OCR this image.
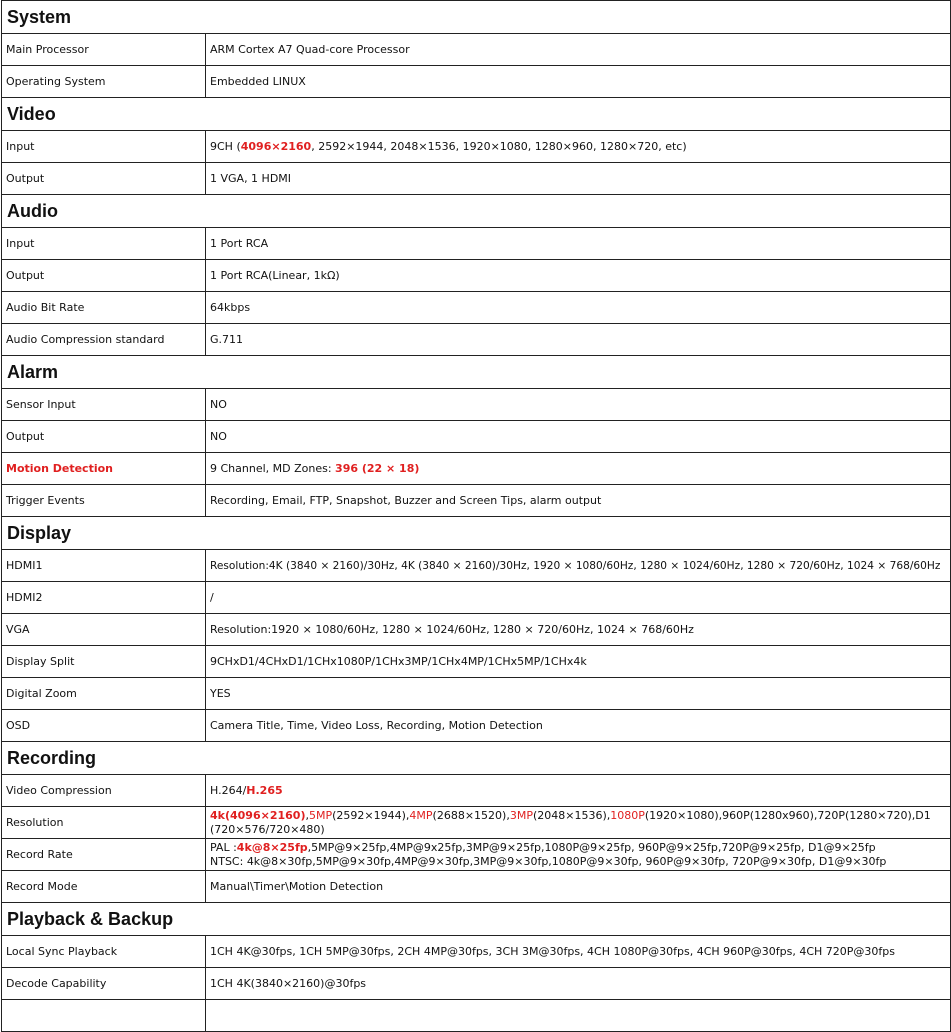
System	
Main Processor	ARM Cortex A7 Quad-core Processor
Operating System	Embedded LINUX
Video	
Input	9CH (4096×2160, 2592×1944, 2048×1536, 1920×1080, 1280×960, 1280×720, etc)
Output	1 VGA, 1 HDMI
Audio	
Input	1 Port RCA
Output	1 Port RCA(Linear, 1kΩ)
Audio Bit Rate	64kbps
Audio Compression standard	G.711
Alarm	
Sensor Input	NO
Output	NO
Motion Detection	9 Channel, MD Zones: 396 (22 × 18)
Trigger Events	Recording, Email, FTP, Snapshot, Buzzer and Screen Tips, alarm output
Display	
HDMI1	Resolution:4K (3840 × 2160)/30Hz, 4K (3840 × 2160)/30Hz, 1920 × 1080/60Hz, 1280 × 1024/60Hz, 1280 × 720/60Hz, 1024 × 768/60Hz
HDMI2	/
VGA	Resolution:1920 × 1080/60Hz, 1280 × 1024/60Hz, 1280 × 720/60Hz, 1024 × 768/60Hz
Display Split	9CHxD1/4CHxD1/1CHx1080P/1CHx3MP/1CHx4MP/1CHx5MP/1CHx4k
Digital Zoom	YES
OSD	Camera Title, Time, Video Loss, Recording, Motion Detection
Recording	
Video Compression	H.264/H.265
Resolution	4k(4096×2160),5MP(2592×1944),4MP(2688×1520),3MP(2048×1536),1080P(1920×1080),960P(1280x960),720P(1280×720),D1 (720×576/720×480)
Record Rate	PAL :4k@8×25fp,5MP@9×25fp,4MP@9x25fp,3MP@9×25fp,1080P@9×25fp, 960P@9×25fp,720P@9×25fp, D1@9×25fp
NTSC: 4k@8×30fp,5MP@9×30fp,4MP@9×30fp,3MP@9×30fp,1080P@9×30fp, 960P@9×30fp, 720P@9×30fp, D1@9×30fp

Record Mode	Manual\Timer\Motion Detection
Playback & Backup	
Local Sync Playback	1CH 4K@30fps, 1CH 5MP@30fps, 2CH 4MP@30fps, 3CH 3M@30fps, 4CH 1080P@30fps, 4CH 960P@30fps, 4CH 720P@30fps
Decode Capability	1CH 4K(3840×2160)@30fps
